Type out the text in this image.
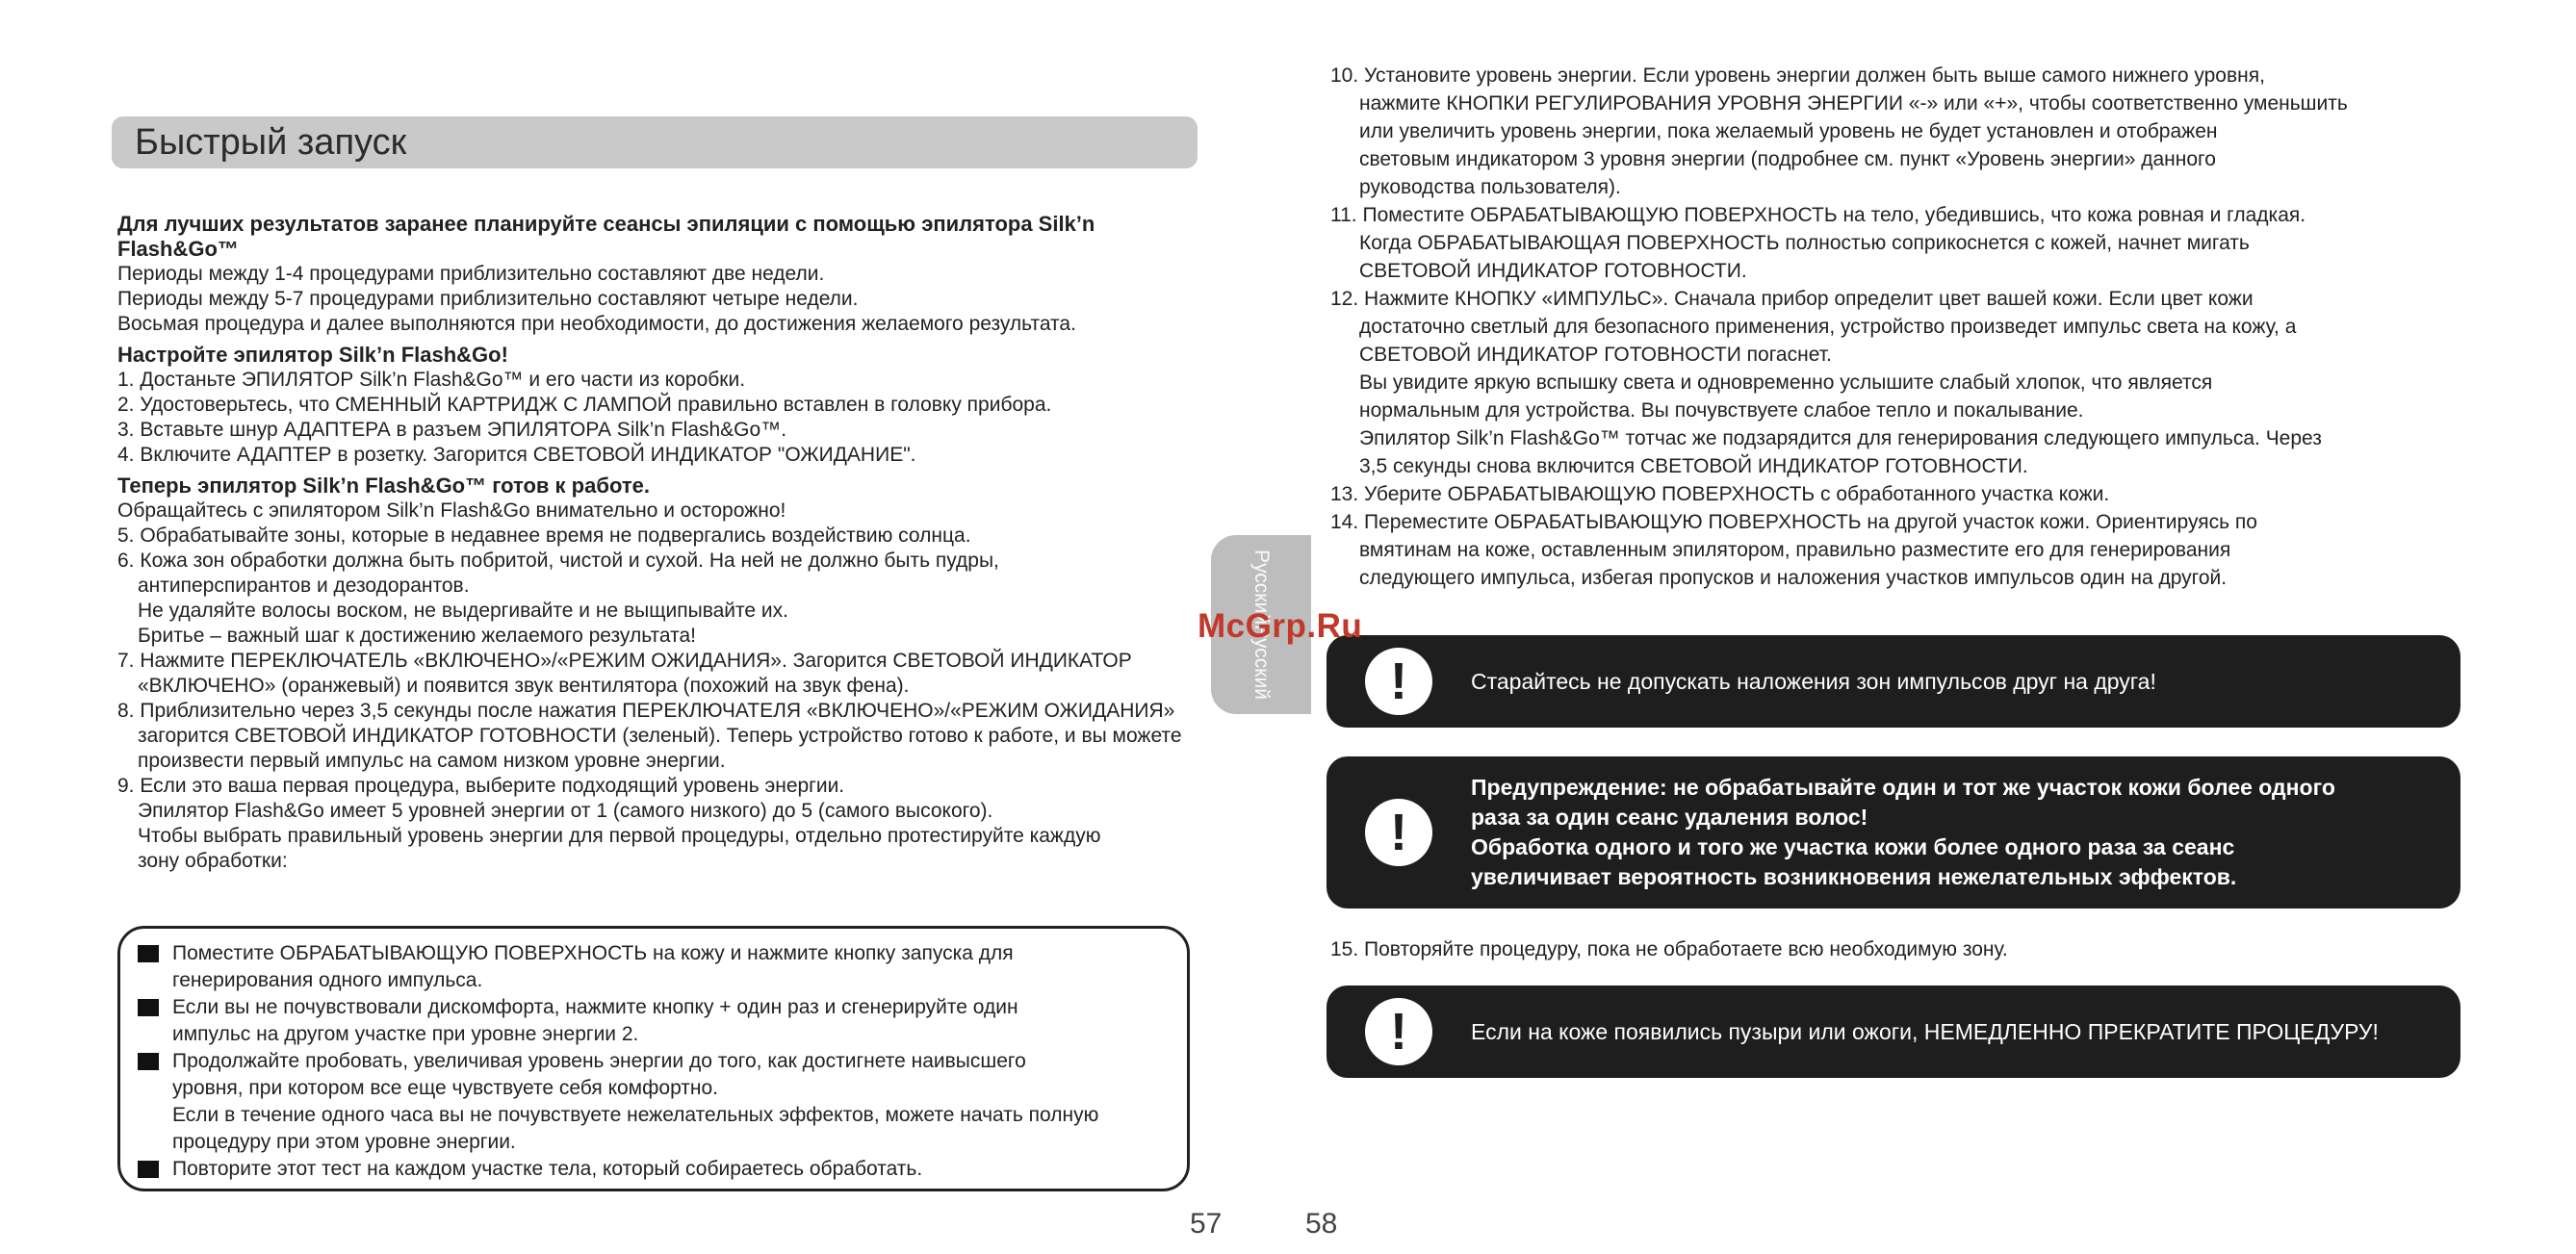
Быстрый запуск

Для лучших результатов заранее планируйте сеансы эпиляции с помощью эпилятора Silk’n Flash&Go™

Периоды между 1-4 процедурами приблизительно составляют две недели.

Периоды между 5-7 процедурами приблизительно составляют четыре недели.

Восьмая процедура и далее выполняются при необходимости, до достижения желаемого результата.

Настройте эпилятор Silk’n Flash&Go!

1. Достаньте ЭПИЛЯТОР Silk’n Flash&Go™ и его части из коробки.

2. Удостоверьтесь, что СМЕННЫЙ КАРТРИДЖ С ЛАМПОЙ правильно вставлен в головку прибора.

3. Вставьте шнур АДАПТЕРА в разъем ЭПИЛЯТОРА Silk’n Flash&Go™.

4. Включите АДАПТЕР в розетку. Загорится СВЕТОВОЙ ИНДИКАТОР "ОЖИДАНИЕ".

Теперь эпилятор Silk’n Flash&Go™ готов к работе.

Обращайтесь с эпилятором Silk’n Flash&Go внимательно и осторожно!

5. Обрабатывайте зоны, которые в недавнее время не подвергались воздействию солнца.

6. Кожа зон обработки должна быть побритой, чистой и сухой. На ней не должно быть пудры,

антиперспирантов и дезодорантов.

Не удаляйте волосы воском, не выдергивайте и не выщипывайте их.

Бритье – важный шаг к достижению желаемого результата!

7. Нажмите ПЕРЕКЛЮЧАТЕЛЬ «ВКЛЮЧЕНО»/«РЕЖИМ ОЖИДАНИЯ». Загорится СВЕТОВОЙ ИНДИКАТОР

«ВКЛЮЧЕНО» (оранжевый) и появится звук вентилятора (похожий на звук фена).

8. Приблизительно через 3,5 секунды после нажатия ПЕРЕКЛЮЧАТЕЛЯ «ВКЛЮЧЕНО»/«РЕЖИМ ОЖИДАНИЯ»

загорится СВЕТОВОЙ ИНДИКАТОР ГОТОВНОСТИ (зеленый). Теперь устройство готово к работе, и вы можете

произвести первый импульс на самом низком уровне энергии.

9. Если это ваша первая процедура, выберите подходящий уровень энергии.

Эпилятор Flash&Go имеет 5 уровней энергии от 1 (самого низкого) до 5 (самого высокого).

Чтобы выбрать правильный уровень энергии для первой процедуры, отдельно протестируйте каждую

зону обработки:

Поместите ОБРАБАТЫВАЮЩУЮ ПОВЕРХНОСТЬ на кожу и нажмите кнопку запуска для
генерирования одного импульса.
Если вы не почувствовали дискомфорта, нажмите кнопку + один раз и сгенерируйте один
импульс на другом участке при уровне энергии 2.
Продолжайте пробовать, увеличивая уровень энергии до того, как достигнете наивысшего
уровня, при котором все еще чувствуете себя комфортно.
Если в течение одного часа вы не почувствуете нежелательных эффектов, можете начать полную
процедуру при этом уровне энергии.
Повторите этот тест на каждом участке тела, который собираетесь обработать.
57	58
Русский
Русский

10. Установите уровень энергии. Если уровень энергии должен быть выше самого нижнего уровня,

нажмите КНОПКИ РЕГУЛИРОВАНИЯ УРОВНЯ ЭНЕРГИИ «-» или «+», чтобы соответственно уменьшить

или увеличить уровень энергии, пока желаемый уровень не будет установлен и отображен

световым индикатором 3 уровня энергии (подробнее см. пункт «Уровень энергии» данного

руководства пользователя).

11. Поместите ОБРАБАТЫВАЮЩУЮ ПОВЕРХНОСТЬ на тело, убедившись, что кожа ровная и гладкая.

Когда ОБРАБАТЫВАЮЩАЯ ПОВЕРХНОСТЬ полностью соприкоснется с кожей, начнет мигать

СВЕТОВОЙ ИНДИКАТОР ГОТОВНОСТИ.

12. Нажмите КНОПКУ «ИМПУЛЬС». Сначала прибор определит цвет вашей кожи. Если цвет кожи

достаточно светлый для безопасного применения, устройство произведет импульс света на кожу, а

СВЕТОВОЙ ИНДИКАТОР ГОТОВНОСТИ погаснет.

Вы увидите яркую вспышку света и одновременно услышите слабый хлопок, что является

нормальным для устройства. Вы почувствуете слабое тепло и покалывание.

Эпилятор Silk’n Flash&Go™ тотчас же подзарядится для генерирования следующего импульса. Через

3,5 секунды снова включится СВЕТОВОЙ ИНДИКАТОР ГОТОВНОСТИ.

13. Уберите ОБРАБАТЫВАЮЩУЮ ПОВЕРХНОСТЬ с обработанного участка кожи.

14. Переместите ОБРАБАТЫВАЮЩУЮ ПОВЕРХНОСТЬ на другой участок кожи. Ориентируясь по

вмятинам на коже, оставленным эпилятором, правильно разместите его для генерирования

следующего импульса, избегая пропусков и наложения участков импульсов один на другой.

!	Старайтесь не допускать наложения зон импульсов друг на друга!
!
Предупреждение: не обрабатывайте один и тот же участок кожи более одного
раза за один сеанс удаления волос!
Обработка одного и того же участка кожи более одного раза за сеанс
увеличивает вероятность возникновения нежелательных эффектов.
15. Повторяйте процедуру, пока не обработаете всю необходимую зону.
!	Если на коже появились пузыри или ожоги, НЕМЕДЛЕННО ПРЕКРАТИТЕ ПРОЦЕДУРУ!
McGrp.Ru
